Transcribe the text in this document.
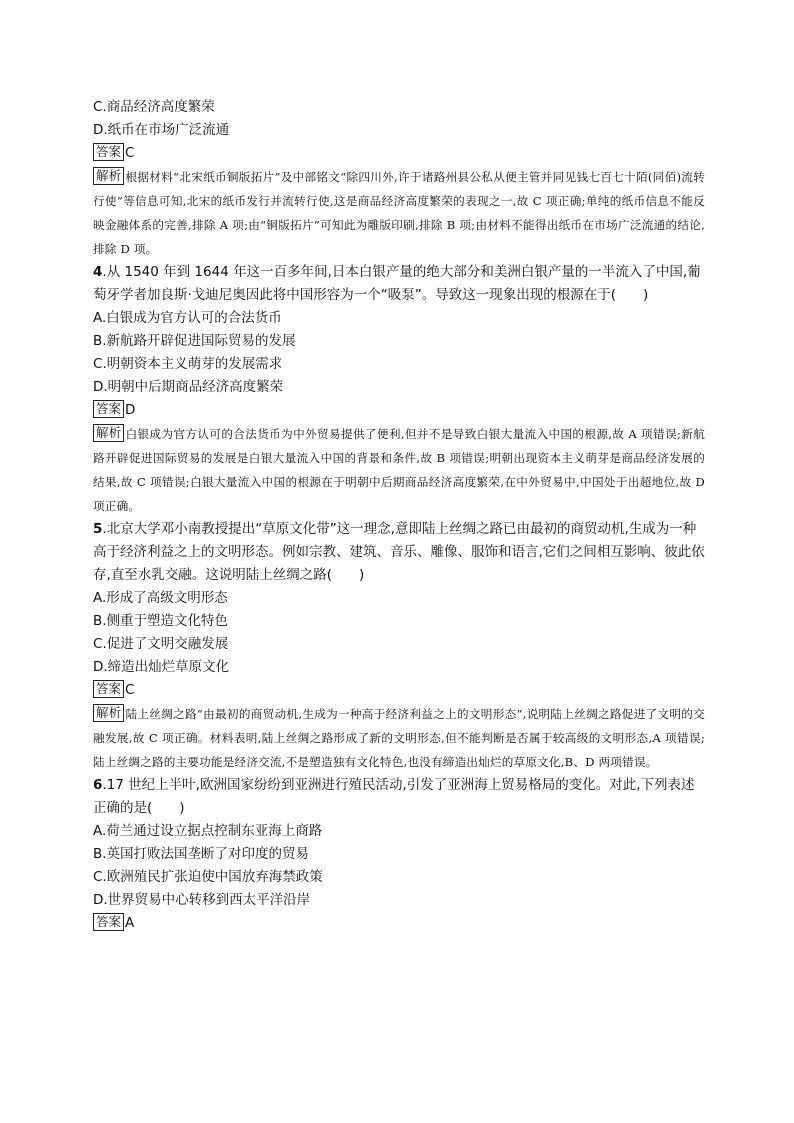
C.商品经济高度繁荣
D.纸币在市场广泛流通
答案 C
解析 根据材料“北宋纸币铜版拓片”及中部铭文“除四川外,许于诸路州县公私从便主管并同见钱七百七十陌(同佰)流转行使”等信息可知,北宋的纸币发行并流转行使,这是商品经济高度繁荣的表现之一,故 C 项正确;单纯的纸币信息不能反映金融体系的完善,排除 A 项;由“铜版拓片”可知此为雕版印刷,排除 B 项;由材料不能得出纸币在市场广泛流通的结论,排除 D 项。
4.从 1540 年到 1644 年这一百多年间,日本白银产量的绝大部分和美洲白银产量的一半流入了中国,葡萄牙学者加良斯·戈迪尼奥因此将中国形容为一个“吸泵”。导致这一现象出现的根源在于(　　)
A.白银成为官方认可的合法货币
B.新航路开辟促进国际贸易的发展
C.明朝资本主义萌芽的发展需求
D.明朝中后期商品经济高度繁荣
答案 D
解析 白银成为官方认可的合法货币为中外贸易提供了便利,但并不是导致白银大量流入中国的根源,故 A 项错误;新航路开辟促进国际贸易的发展是白银大量流入中国的背景和条件,故 B 项错误;明朝出现资本主义萌芽是商品经济发展的结果,故 C 项错误;白银大量流入中国的根源在于明朝中后期商品经济高度繁荣,在中外贸易中,中国处于出超地位,故 D 项正确。
5.北京大学邓小南教授提出“草原文化带”这一理念,意即陆上丝绸之路已由最初的商贸动机,生成为一种高于经济利益之上的文明形态。例如宗教、建筑、音乐、雕像、服饰和语言,它们之间相互影响、彼此依存,直至水乳交融。这说明陆上丝绸之路(　　)
A.形成了高级文明形态
B.侧重于塑造文化特色
C.促进了文明交融发展
D.缔造出灿烂草原文化
答案 C
解析 陆上丝绸之路“由最初的商贸动机,生成为一种高于经济利益之上的文明形态”,说明陆上丝绸之路促进了文明的交融发展,故 C 项正确。材料表明,陆上丝绸之路形成了新的文明形态,但不能判断是否属于较高级的文明形态,A 项错误;陆上丝绸之路的主要功能是经济交流,不是塑造独有文化特色,也没有缔造出灿烂的草原文化,B、D 两项错误。
6.17 世纪上半叶,欧洲国家纷纷到亚洲进行殖民活动,引发了亚洲海上贸易格局的变化。对此,下列表述正确的是(　　)
A.荷兰通过设立据点控制东亚海上商路
B.英国打败法国垄断了对印度的贸易
C.欧洲殖民扩张迫使中国放弃海禁政策
D.世界贸易中心转移到西太平洋沿岸
答案 A
